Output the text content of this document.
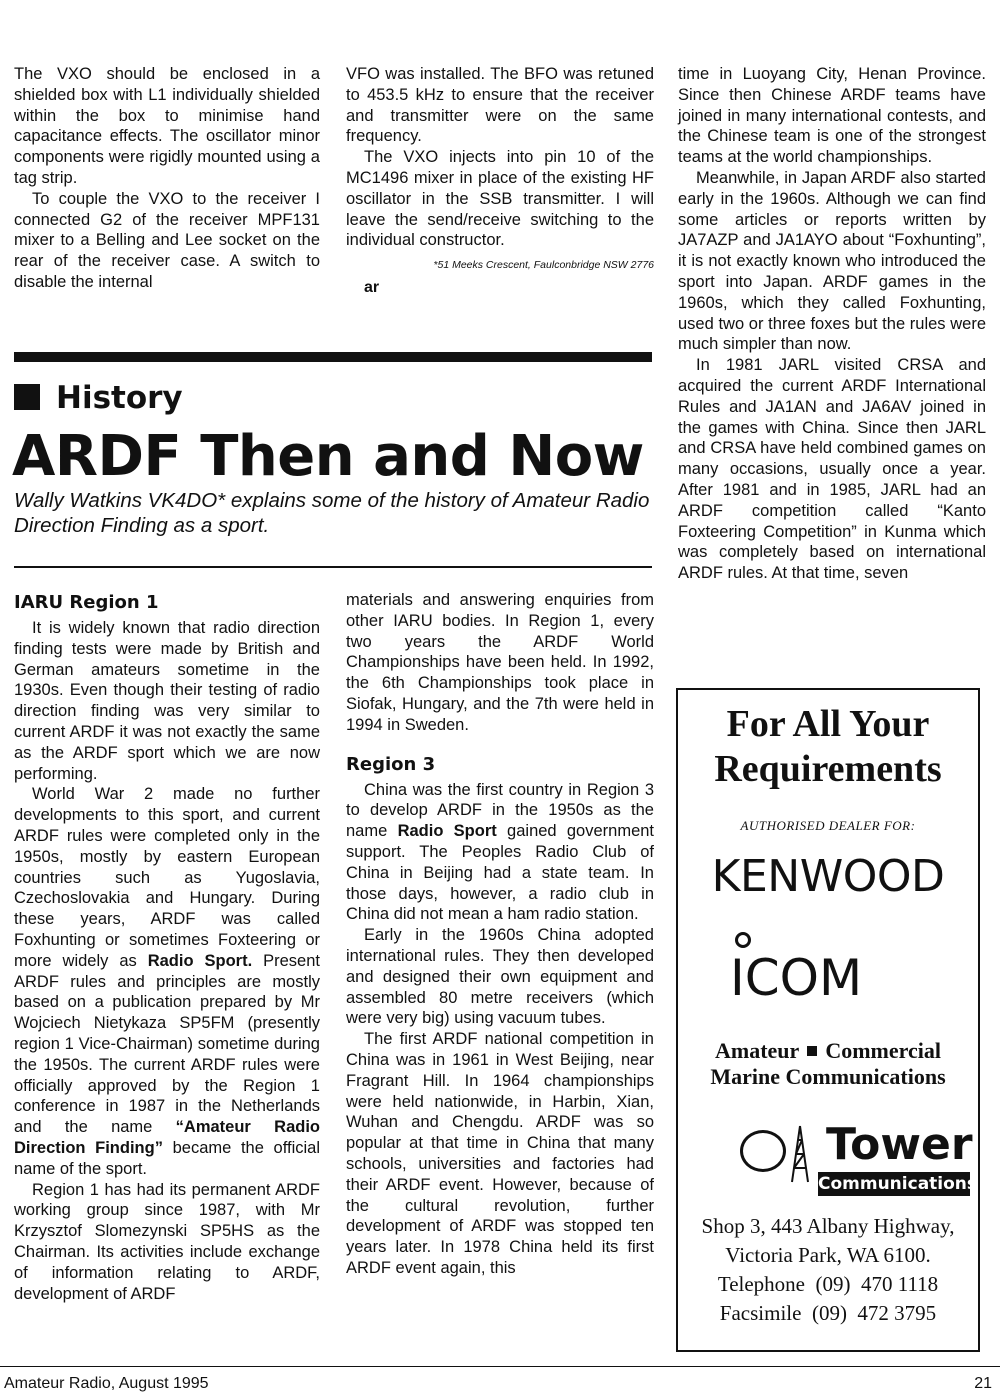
The VXO should be enclosed in a shielded box with L1 individually shielded within the box to minimise hand capacitance effects. The oscillator minor components were rigidly mounted using a tag strip.

To couple the VXO to the receiver I connected G2 of the receiver MPF131 mixer to a Belling and Lee socket on the rear of the receiver case. A switch to disable the internal

VFO was installed. The BFO was retuned to 453.5 kHz to ensure that the receiver and transmitter were on the same frequency.

The VXO injects into pin 10 of the MC1496 mixer in place of the existing HF oscillator in the SSB transmitter. I will leave the send/receive switching to the individual constructor.

*51 Meeks Crescent, Faulconbridge NSW 2776

ar

History
ARDF Then and Now
Wally Watkins VK4DO* explains some of the history of Amateur Radio Direction Finding as a sport.
IARU Region 1

It is widely known that radio direction finding tests were made by British and German amateurs sometime in the 1930s. Even though their testing of radio direction finding was very similar to current ARDF it was not exactly the same as the ARDF sport which we are now performing.

World War 2 made no further developments to this sport, and current ARDF rules were completed only in the 1950s, mostly by eastern European countries such as Yugoslavia, Czechoslovakia and Hungary. During these years, ARDF was called Foxhunting or sometimes Foxteering or more widely as Radio Sport. Present ARDF rules and principles are mostly based on a publication prepared by Mr Wojciech Nietykaza SP5FM (presently region 1 Vice-Chairman) sometime during the 1950s. The current ARDF rules were officially approved by the Region 1 conference in 1987 in the Netherlands and the name “Amateur Radio Direction Finding” became the official name of the sport.

Region 1 has had its permanent ARDF working group since 1987, with Mr Krzysztof Slomezynski SP5HS as the Chairman. Its activities include exchange of information relating to ARDF, development of ARDF

materials and answering enquiries from other IARU bodies. In Region 1, every two years the ARDF World Championships have been held. In 1992, the 6th Championships took place in Siofak, Hungary, and the 7th were held in 1994 in Sweden.

Region 3

China was the first country in Region 3 to develop ARDF in the 1950s as the name Radio Sport gained government support. The Peoples Radio Club of China in Beijing had a state team. In those days, however, a radio club in China did not mean a ham radio station.

Early in the 1960s China adopted international rules. They then developed and designed their own equipment and assembled 80 metre receivers (which were very big) using vacuum tubes.

The first ARDF national competition in China was in 1961 in West Beijing, near Fragrant Hill. In 1964 championships were held nationwide, in Harbin, Xian, Wuhan and Chengdu. ARDF was so popular at that time in China that many schools, universities and factories had their ARDF event. However, because of the cultural revolution, further development of ARDF was stopped ten years later. In 1978 China held its first ARDF event again, this

time in Luoyang City, Henan Province. Since then Chinese ARDF teams have joined in many international contests, and the Chinese team is one of the strongest teams at the world championships.

Meanwhile, in Japan ARDF also started early in the 1960s. Although we can find some articles or reports written by JA7AZP and JA1AYO about “Foxhunting”, it is not exactly known who introduced the sport into Japan. ARDF games in the 1960s, which they called Foxhunting, used two or three foxes but the rules were much simpler than now.

In 1981 JARL visited CRSA and acquired the current ARDF International Rules and JA1AN and JA6AV joined in the games with China. Since then JARL and CRSA have held combined games on many occasions, usually once a year. After 1981 and in 1985, JARL had an ARDF competition called “Kanto Foxteering Competition” in Kunma which was completely based on international ARDF rules. At that time, seven

For All Your
Requirements
AUTHORISED DEALER FOR:
KENWOOD
ICOM
Amateur Commercial
Marine Communications
Tower
Communications
Shop 3, 443 Albany Highway,
Victoria Park, WA 6100.
Telephone  (09)  470 1118
Facsimile  (09)  472 3795
Amateur Radio, August 1995	21
